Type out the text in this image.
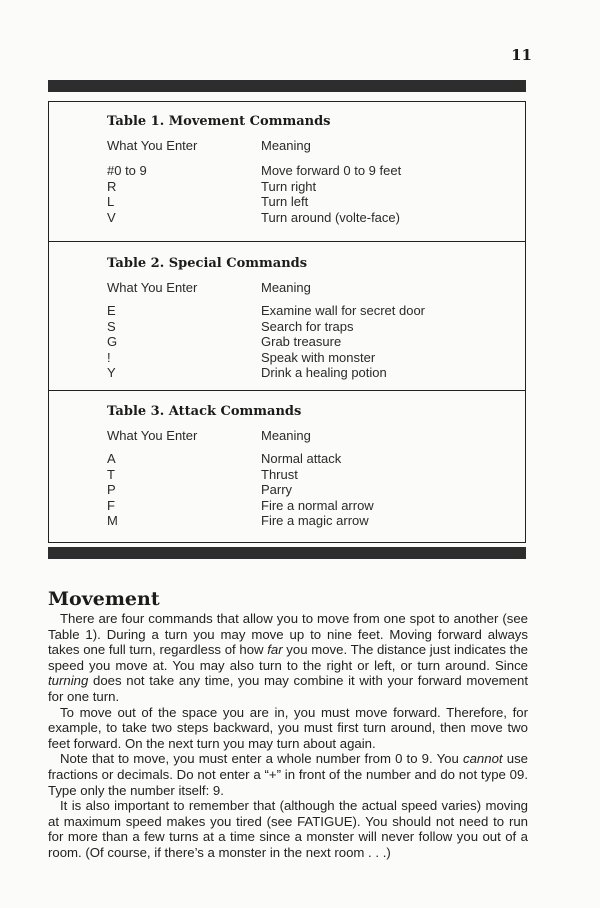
11
Table 1. Movement Commands
What You Enter	Meaning
#0 to 9	Move forward 0 to 9 feet
R	Turn right
L	Turn left
V	Turn around (volte-face)
Table 2. Special Commands
What You Enter	Meaning
E	Examine wall for secret door
S	Search for traps
G	Grab treasure
!	Speak with monster
Y	Drink a healing potion
Table 3. Attack Commands
What You Enter	Meaning
A	Normal attack
T	Thrust
P	Parry
F	Fire a normal arrow
M	Fire a magic arrow
Movement

There are four commands that allow you to move from one spot to another (see Table 1). During a turn you may move up to nine feet. Moving forward always takes one full turn, regardless of how far you move. The distance just indicates the speed you move at. You may also turn to the right or left, or turn around. Since turning does not take any time, you may combine it with your forward movement for one turn.

To move out of the space you are in, you must move forward. Therefore, for example, to take two steps backward, you must first turn around, then move two feet forward. On the next turn you may turn about again.

Note that to move, you must enter a whole number from 0 to 9. You cannot use fractions or decimals. Do not enter a “+” in front of the number and do not type 09. Type only the number itself: 9.

It is also important to remember that (although the actual speed varies) moving at maximum speed makes you tired (see FATIGUE). You should not need to run for more than a few turns at a time since a monster will never follow you out of a room. (Of course, if there’s a monster in the next room . . .)
